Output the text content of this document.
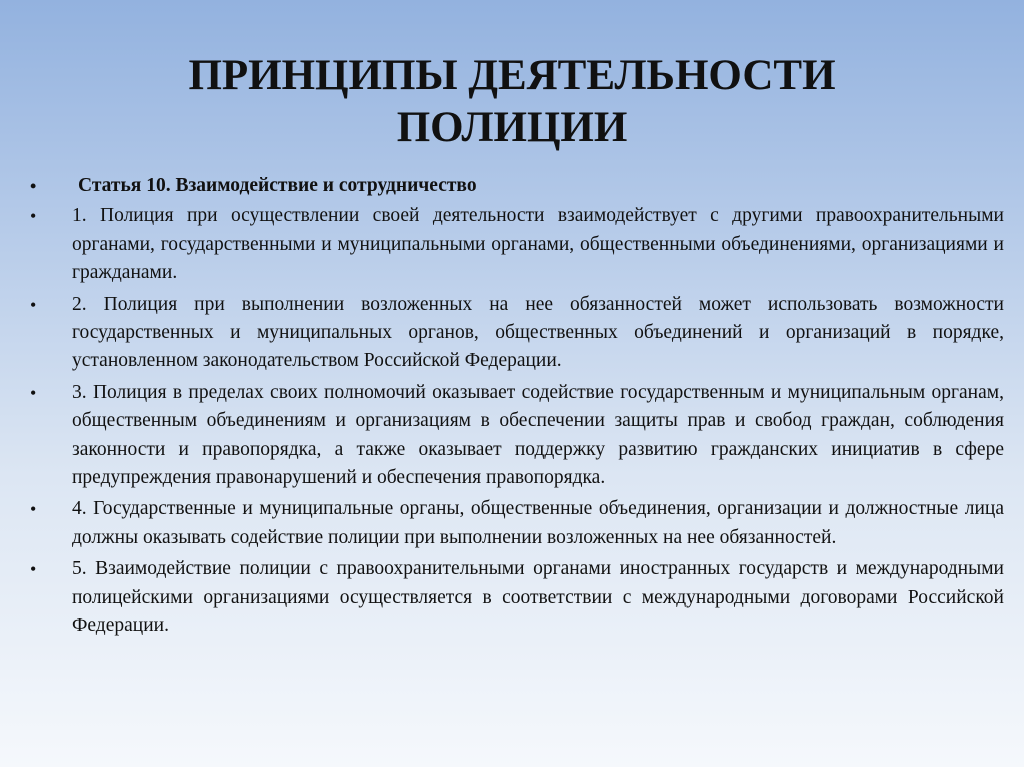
ПРИНЦИПЫ ДЕЯТЕЛЬНОСТИ
ПОЛИЦИИ
• Статья 10. Взаимодействие и сотрудничество
• 1. Полиция при осуществлении своей деятельности взаимодействует с другими правоохранительными органами, государственными и муниципальными органами, общественными объединениями, организациями и гражданами.
• 2. Полиция при выполнении возложенных на нее обязанностей может использовать возможности государственных и муниципальных органов, общественных объединений и организаций в порядке, установленном законодательством Российской Федерации.
• 3. Полиция в пределах своих полномочий оказывает содействие государственным и муниципальным органам, общественным объединениям и организациям в обеспечении защиты прав и свобод граждан, соблюдения законности и правопорядка, а также оказывает поддержку развитию гражданских инициатив в сфере предупреждения правонарушений и обеспечения правопорядка.
• 4. Государственные и муниципальные органы, общественные объединения, организации и должностные лица должны оказывать содействие полиции при выполнении возложенных на нее обязанностей.
• 5. Взаимодействие полиции с правоохранительными органами иностранных государств и международными полицейскими организациями осуществляется в соответствии с международными договорами Российской Федерации.
